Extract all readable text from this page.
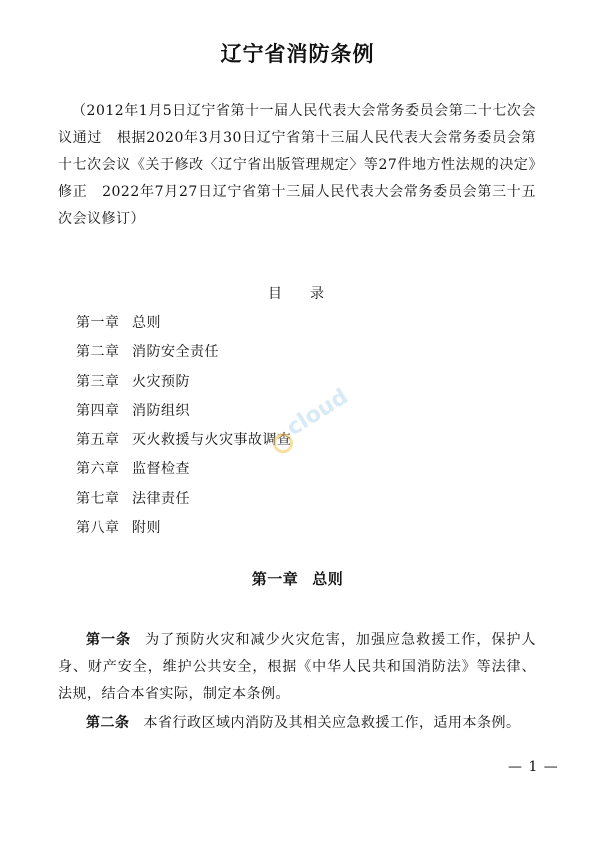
辽宁省消防条例

（2012年1月5日辽宁省第十一届人民代表大会常务委员会第二十七次会议通过　根据2020年3月30日辽宁省第十三届人民代表大会常务委员会第十七次会议《关于修改〈辽宁省出版管理规定〉等27件地方性法规的决定》修正　2022年7月27日辽宁省第十三届人民代表大会常务委员会第三十五次会议修订）

目 录
第一章 总则
第二章 消防安全责任
第三章 火灾预防
第四章 消防组织
第五章 灭火救援与火灾事故调查
第六章 监督检查
第七章 法律责任
第八章 附则
第一章 总则

第一条 为了预防火灾和减少火灾危害，加强应急救援工作，保护人身、财产安全，维护公共安全，根据《中华人民共和国消防法》等法律、法规，结合本省实际，制定本条例。

第二条 本省行政区域内消防及其相关应急救援工作，适用本条例。

— 1 —
cloud
